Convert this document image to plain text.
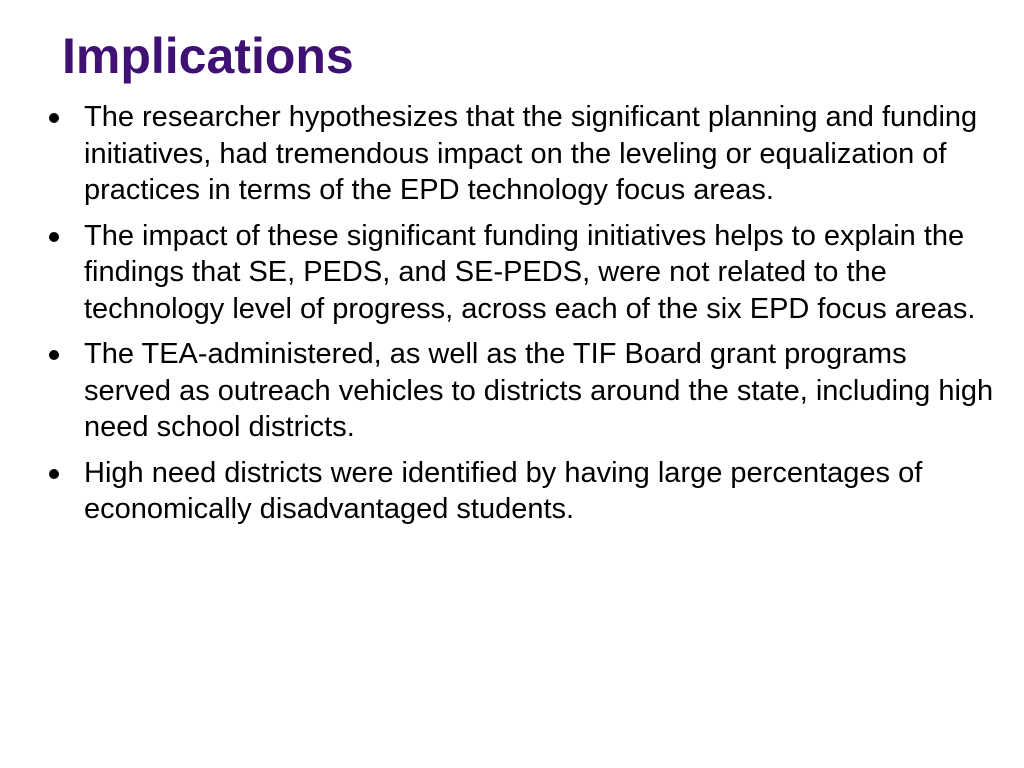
Implications
The researcher hypothesizes that the significant planning and funding initiatives, had tremendous impact on the leveling or equalization of practices in terms of the EPD technology focus areas.
The impact of these significant funding initiatives helps to explain the findings that SE, PEDS, and SE-PEDS, were not related to the technology level of progress, across each of the six EPD focus areas.
The TEA-administered, as well as the TIF Board grant programs served as outreach vehicles to districts around the state, including high need school districts.
High need districts were identified by having large percentages of economically disadvantaged students.
